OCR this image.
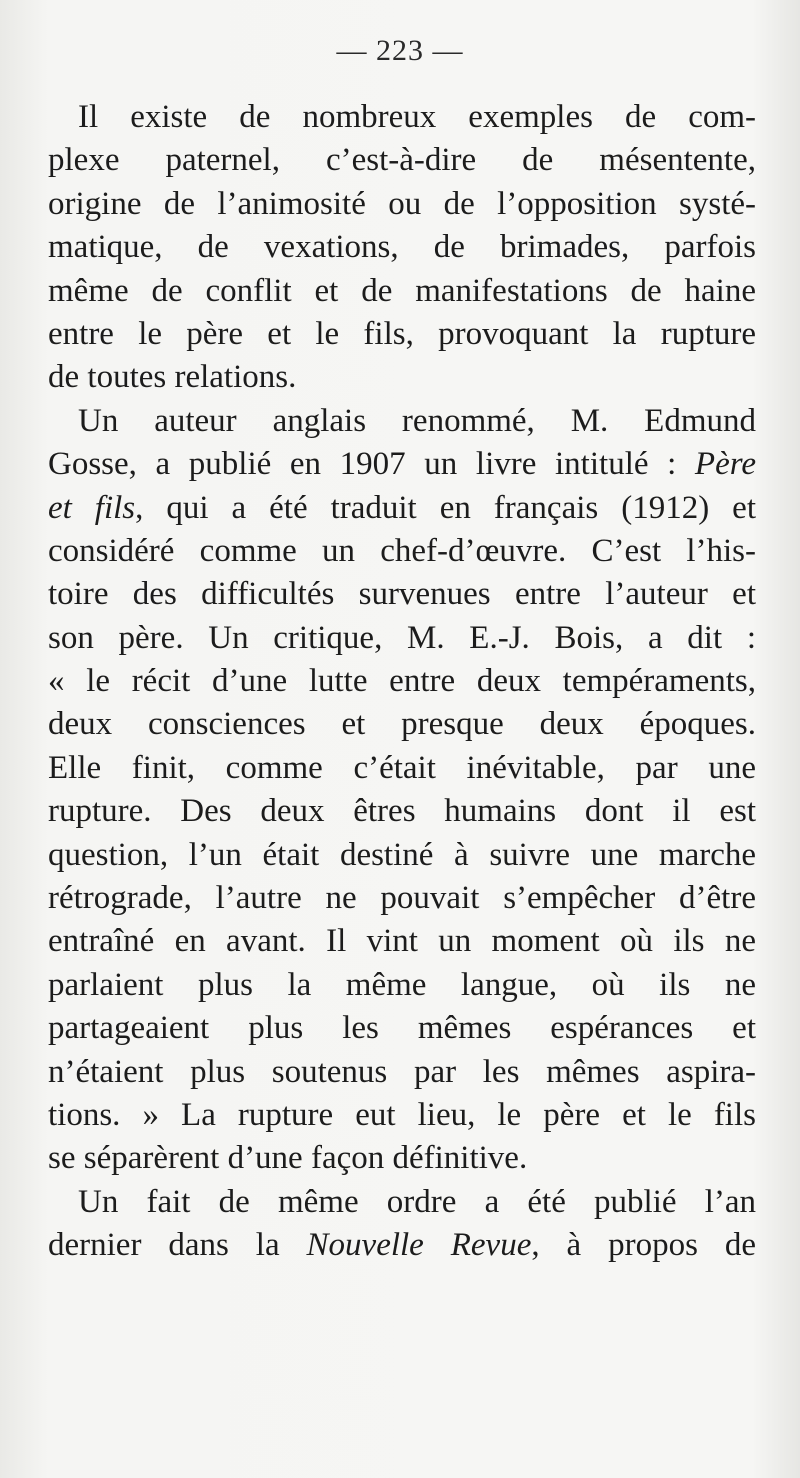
— 223 —
Il existe de nombreux exemples de com-
plexe paternel, c’est-à-dire de mésentente,
origine de l’animosité ou de l’opposition systé-
matique, de vexations, de brimades, parfois
même de conflit et de manifestations de haine
entre le père et le fils, provoquant la rupture
de toutes relations.
Un auteur anglais renommé, M. Edmund
Gosse, a publié en 1907 un livre intitulé : Père
et fils, qui a été traduit en français (1912) et
considéré comme un chef-d’œuvre. C’est l’his-
toire des difficultés survenues entre l’auteur et
son père. Un critique, M. E.-J. Bois, a dit :
« le récit d’une lutte entre deux tempéraments,
deux consciences et presque deux époques.
Elle finit, comme c’était inévitable, par une
rupture. Des deux êtres humains dont il est
question, l’un était destiné à suivre une marche
rétrograde, l’autre ne pouvait s’empêcher d’être
entraîné en avant. Il vint un moment où ils ne
parlaient plus la même langue, où ils ne
partageaient plus les mêmes espérances et
n’étaient plus soutenus par les mêmes aspira-
tions. » La rupture eut lieu, le père et le fils
se séparèrent d’une façon définitive.
Un fait de même ordre a été publié l’an
dernier dans la Nouvelle Revue, à propos de
